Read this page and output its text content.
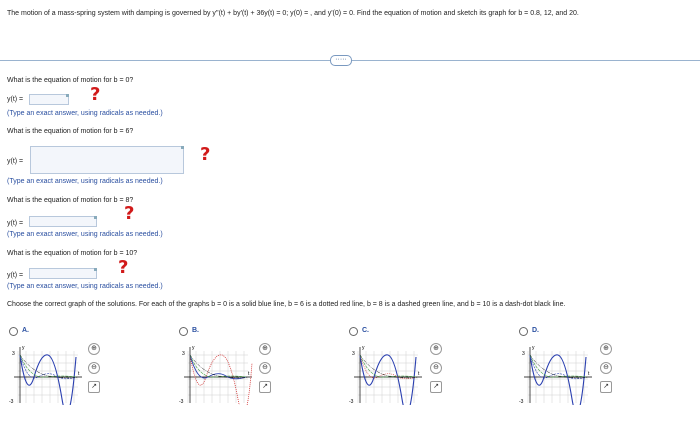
The motion of a mass-spring system with damping is governed by y''(t) + by'(t) + 36y(t) = 0; y(0) = , and y'(0) = 0. Find the equation of motion and sketch its graph for b = 0.8, 12, and 20.
·····
What is the equation of motion for b = 0?
y(t) =	?
(Type an exact answer, using radicals as needed.)
What is the equation of motion for b = 6?
y(t) =	?
(Type an exact answer, using radicals as needed.)
What is the equation of motion for b = 8?
y(t) =	?
(Type an exact answer, using radicals as needed.)
What is the equation of motion for b = 10?
y(t) =	?
(Type an exact answer, using radicals as needed.)
Choose the correct graph of the solutions. For each of the graphs b = 0 is a solid blue line, b = 6 is a dotted red line, b = 8 is a dashed green line, and b = 10 is a dash-dot black line.
A.
3
-3
y
t
⊕
⊖
↗
B.
3
-3
y
t
⊕
⊖
↗
C.
3
-3
y
t
⊕
⊖
↗
D.
3
-3
y
t
⊕
⊖
↗
